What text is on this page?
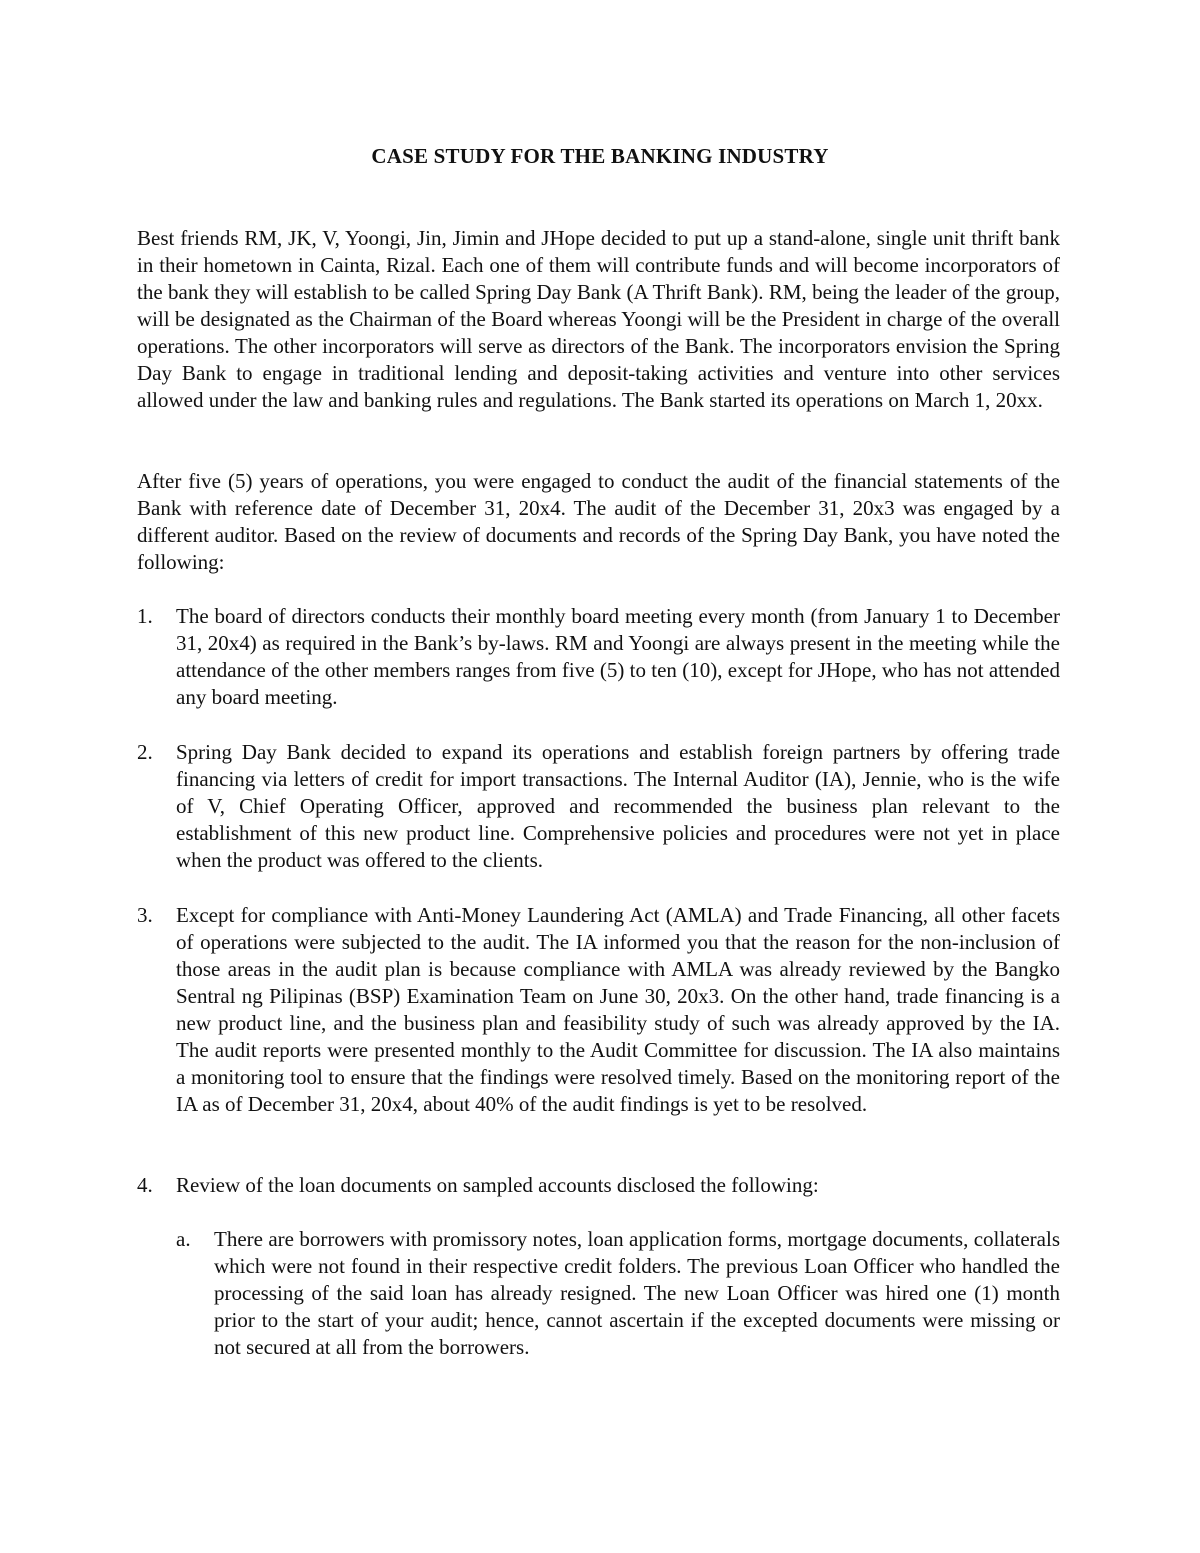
CASE STUDY FOR THE BANKING INDUSTRY

Best friends RM, JK, V, Yoongi, Jin, Jimin and JHope decided to put up a stand-alone, single unit thrift bank in their hometown in Cainta, Rizal. Each one of them will contribute funds and will become incorporators of the bank they will establish to be called Spring Day Bank (A Thrift Bank). RM, being the leader of the group, will be designated as the Chairman of the Board whereas Yoongi will be the President in charge of the overall operations. The other incorporators will serve as directors of the Bank. The incorporators envision the Spring Day Bank to engage in traditional lending and deposit-taking activities and venture into other services allowed under the law and banking rules and regulations. The Bank started its operations on March 1, 20xx.

After five (5) years of operations, you were engaged to conduct the audit of the financial statements of the Bank with reference date of December 31, 20x4. The audit of the December 31, 20x3 was engaged by a different auditor. Based on the review of documents and records of the Spring Day Bank, you have noted the following:

1.	The board of directors conducts their monthly board meeting every month (from January 1 to December 31, 20x4) as required in the Bank’s by-laws. RM and Yoongi are always present in the meeting while the attendance of the other members ranges from five (5) to ten (10), except for JHope, who has not attended any board meeting.
2.	Spring Day Bank decided to expand its operations and establish foreign partners by offering trade financing via letters of credit for import transactions. The Internal Auditor (IA), Jennie, who is the wife of V, Chief Operating Officer, approved and recommended the business plan relevant to the establishment of this new product line. Comprehensive policies and procedures were not yet in place when the product was offered to the clients.
3.	Except for compliance with Anti-Money Laundering Act (AMLA) and Trade Financing, all other facets of operations were subjected to the audit. The IA informed you that the reason for the non-inclusion of those areas in the audit plan is because compliance with AMLA was already reviewed by the Bangko Sentral ng Pilipinas (BSP) Examination Team on June 30, 20x3. On the other hand, trade financing is a new product line, and the business plan and feasibility study of such was already approved by the IA. The audit reports were presented monthly to the Audit Committee for discussion. The IA also maintains a monitoring tool to ensure that the findings were resolved timely. Based on the monitoring report of the IA as of December 31, 20x4, about 40% of the audit findings is yet to be resolved.
4.	Review of the loan documents on sampled accounts disclosed the following:
a.	There are borrowers with promissory notes, loan application forms, mortgage documents, collaterals which were not found in their respective credit folders. The previous Loan Officer who handled the processing of the said loan has already resigned. The new Loan Officer was hired one (1) month prior to the start of your audit; hence, cannot ascertain if the excepted documents were missing or not secured at all from the borrowers.
